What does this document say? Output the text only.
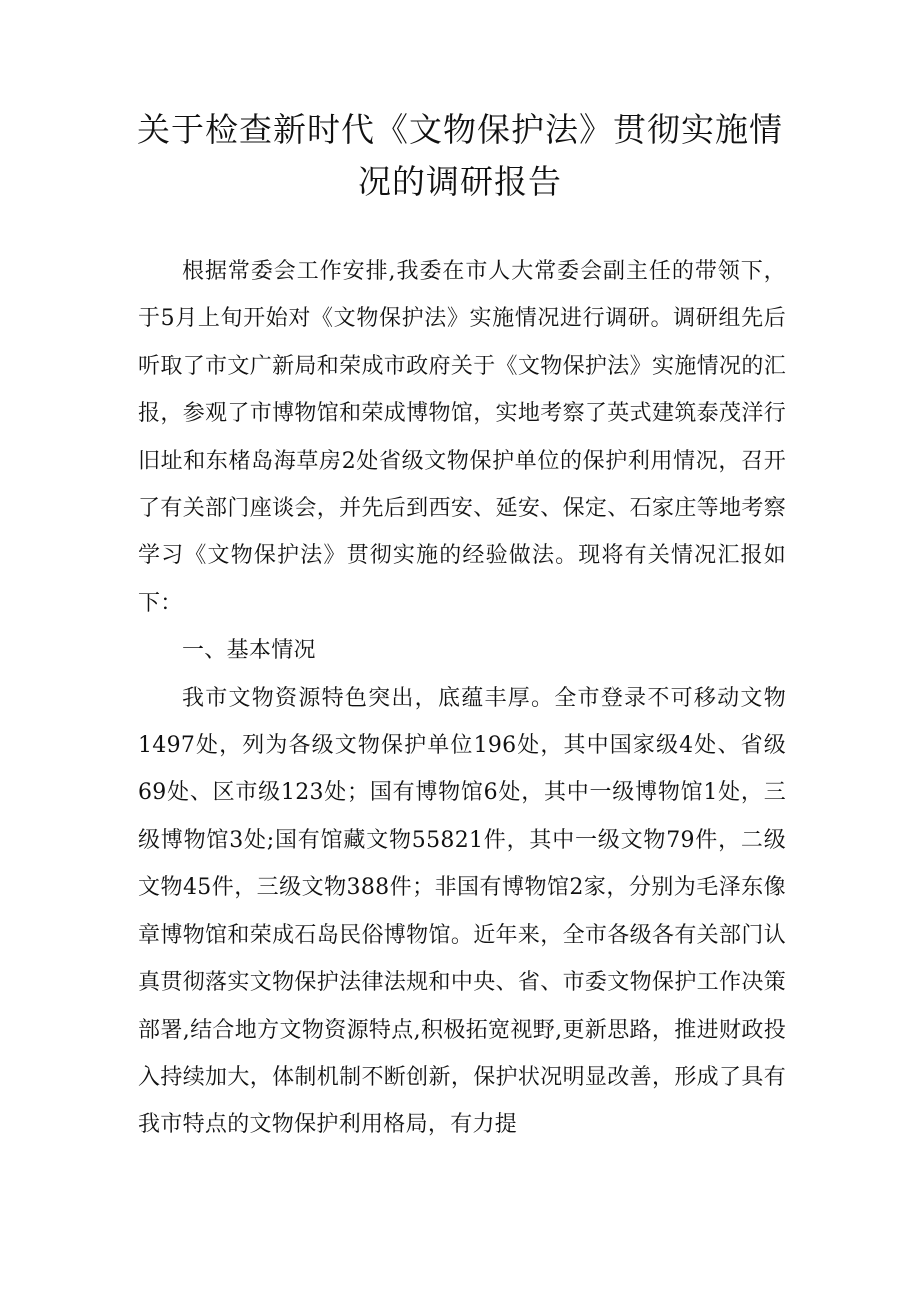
关于检查新时代《文物保护法》贯彻实施情
况的调研报告

根据常委会工作安排,我委在市人大常委会副主任的带领下，于5月上旬开始对《文物保护法》实施情况进行调研。调研组先后听取了市文广新局和荣成市政府关于《文物保护法》实施情况的汇报，参观了市博物馆和荣成博物馆，实地考察了英式建筑泰茂洋行旧址和东楮岛海草房2处省级文物保护单位的保护利用情况，召开了有关部门座谈会，并先后到西安、延安、保定、石家庄等地考察学习《文物保护法》贯彻实施的经验做法。现将有关情况汇报如下：

一、基本情况

我市文物资源特色突出，底蕴丰厚。全市登录不可移动文物1497处，列为各级文物保护单位196处，其中国家级4处、省级69处、区市级123处；国有博物馆6处，其中一级博物馆1处，三级博物馆3处;国有馆藏文物55821件，其中一级文物79件，二级文物45件，三级文物388件；非国有博物馆2家，分别为毛泽东像章博物馆和荣成石岛民俗博物馆。近年来，全市各级各有关部门认真贯彻落实文物保护法律法规和中央、省、市委文物保护工作决策部署,结合地方文物资源特点,积极拓宽视野,更新思路，推进财政投入持续加大，体制机制不断创新，保护状况明显改善，形成了具有我市特点的文物保护利用格局，有力提
